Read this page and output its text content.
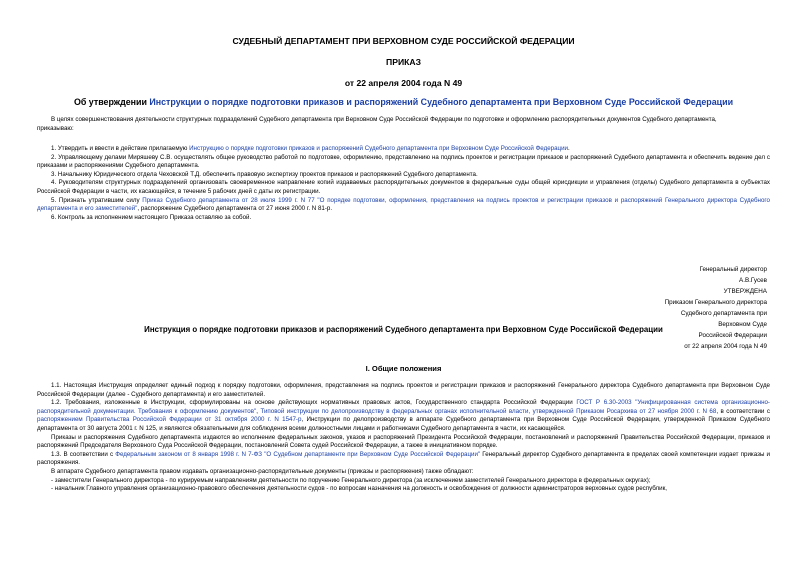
СУДЕБНЫЙ ДЕПАРТАМЕНТ ПРИ ВЕРХОВНОМ СУДЕ РОССИЙСКОЙ ФЕДЕРАЦИИ
ПРИКАЗ
от 22 апреля 2004 года N 49
Об утверждении Инструкции о порядке подготовки приказов и распоряжений Судебного департамента при Верховном Суде Российской Федерации

В целях совершенствования деятельности структурных подразделений Судебного департамента при Верховном Суде Российской Федерации по подготовке и оформлению распорядительных документов Судебного департамента,

приказываю:

1. Утвердить и ввести в действие прилагаемую Инструкцию о порядке подготовки приказов и распоряжений Судебного департамента при Верховном Суде Российской Федерации.

2. Управляющему делами Миряшеву С.В. осуществлять общее руководство работой по подготовке, оформлению, представлению на подпись проектов и регистрации приказов и распоряжений Судебного департамента и обеспечить ведение дел с приказами и распоряжениями Судебного департамента.

3. Начальнику Юридического отдела Чеховской Т.Д. обеспечить правовую экспертизу проектов приказов и распоряжений Судебного департамента.

4. Руководителям структурных подразделений организовать своевременное направление копий издаваемых распорядительных документов в федеральные суды общей юрисдикции и управления (отделы) Судебного департамента в субъектах Российской Федерации в части, их касающейся, в течение 5 рабочих дней с даты их регистрации.

5. Признать утратившим силу Приказ Судебного департамента от 28 июля 1999 г. N 77 "О порядке подготовки, оформления, представления на подпись проектов и регистрации приказов и распоряжений Генерального директора Судебного департамента и его заместителей", распоряжение Судебного департамента от 27 июня 2000 г. N 81-р.

6. Контроль за исполнением настоящего Приказа оставляю за собой.

Генеральный директор
А.В.Гусев
УТВЕРЖДЕНА
Приказом Генерального директора
Судебного департамента при
Верховном Суде
Российской Федерации
от 22 апреля 2004 года N 49
Инструкция о порядке подготовки приказов и распоряжений Судебного департамента при Верховном Суде Российской Федерации
I. Общие положения

1.1. Настоящая Инструкция определяет единый подход к порядку подготовки, оформления, представления на подпись проектов и регистрации приказов и распоряжений Генерального директора Судебного департамента при Верховном Суде Российской Федерации (далее - Судебного департамента) и его заместителей.

1.2. Требования, изложенные в Инструкции, сформулированы на основе действующих нормативных правовых актов, Государственного стандарта Российской Федерации ГОСТ Р 6.30-2003 "Унифицированная система организационно-распорядительной документации. Требования к оформлению документов", Типовой инструкции по делопроизводству в федеральных органах исполнительной власти, утвержденной Приказом Росархива от 27 ноября 2000 г. N 68, в соответствии с распоряжением Правительства Российской Федерации от 31 октября 2000 г. N 1547-р, Инструкции по делопроизводству в аппарате Судебного департамента при Верховном Суде Российской Федерации, утвержденной Приказом Судебного департамента от 30 августа 2001 г. N 125, и являются обязательными для соблюдения всеми должностными лицами и работниками Судебного департамента в части, их касающейся.

Приказы и распоряжения Судебного департамента издаются во исполнение федеральных законов, указов и распоряжений Президента Российской Федерации, постановлений и распоряжений Правительства Российской Федерации, приказов и распоряжений Председателя Верховного Суда Российской Федерации, постановлений Совета судей Российской Федерации, а также в инициативном порядке.

1.3. В соответствии с Федеральным законом от 8 января 1998 г. N 7-ФЗ "О Судебном департаменте при Верховном Суде Российской Федерации" Генеральный директор Судебного департамента в пределах своей компетенции издает приказы и распоряжения.

В аппарате Судебного департамента правом издавать организационно-распорядительные документы (приказы и распоряжения) также обладают:

- заместители Генерального директора - по курируемым направлениям деятельности по поручению Генерального директора (за исключением заместителей Генерального директора в федеральных округах);

- начальник Главного управления организационно-правового обеспечения деятельности судов - по вопросам назначения на должность и освобождения от должности администраторов верховных судов республик,
